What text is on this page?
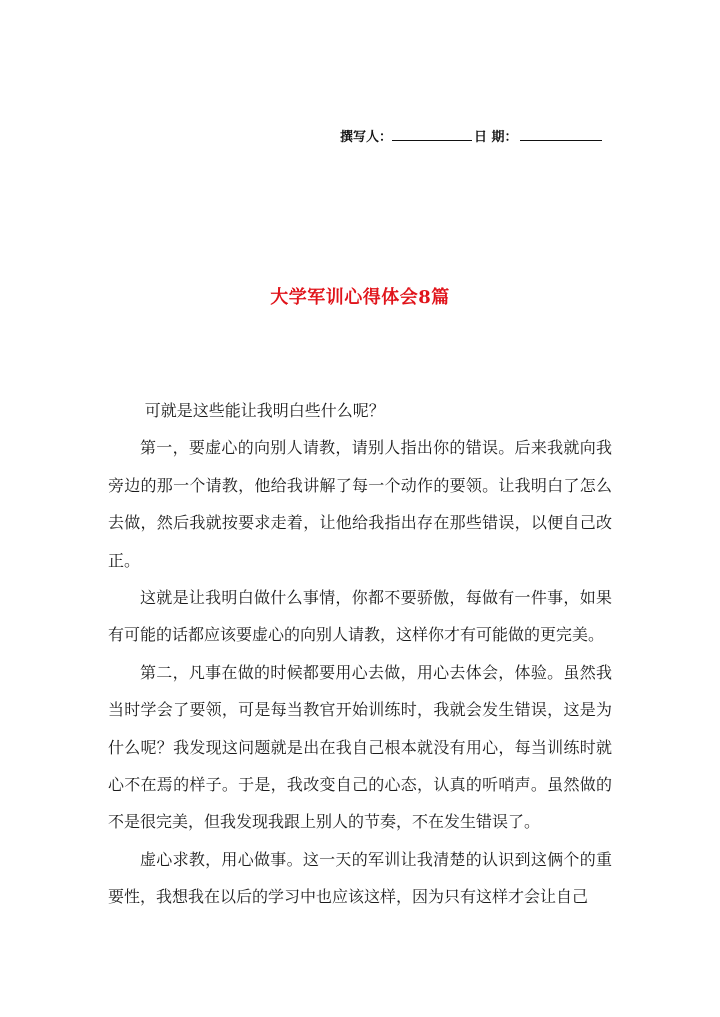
撰写人：	日 期：
大学军训心得体会8篇

可就是这些能让我明白些什么呢？

第一，要虚心的向别人请教，请别人指出你的错误。后来我就向我旁边的那一个请教，他给我讲解了每一个动作的要领。让我明白了怎么去做，然后我就按要求走着，让他给我指出存在那些错误，以便自己改正。

这就是让我明白做什么事情，你都不要骄傲，每做有一件事，如果有可能的话都应该要虚心的向别人请教，这样你才有可能做的更完美。

第二，凡事在做的时候都要用心去做，用心去体会，体验。虽然我当时学会了要领，可是每当教官开始训练时，我就会发生错误，这是为什么呢？我发现这问题就是出在我自己根本就没有用心，每当训练时就心不在焉的样子。于是，我改变自己的心态，认真的听哨声。虽然做的不是很完美，但我发现我跟上别人的节奏，不在发生错误了。

虚心求教，用心做事。这一天的军训让我清楚的认识到这俩个的重要性，我想我在以后的学习中也应该这样，因为只有这样才会让自己
